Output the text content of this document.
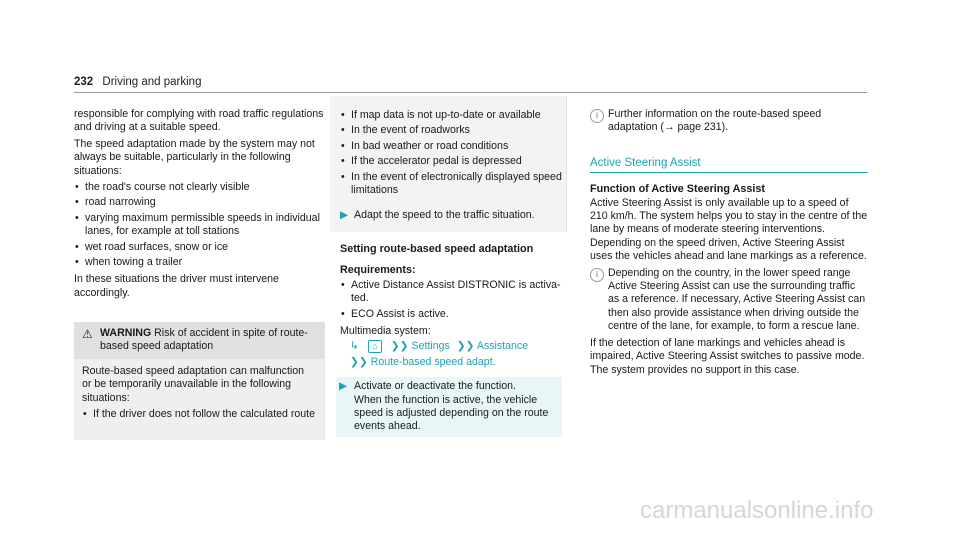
232 Driving and parking

responsible for complying with road traffic regulations and driving at a suitable speed.

The speed adaptation made by the system may not always be suitable, particularly in the following situations:

• the road's course not clearly visible
• road narrowing
• varying maximum permissible speeds in individual lanes, for example at toll stations
• wet road surfaces, snow or ice
• when towing a trailer

In these situations the driver must intervene accordingly.

⚠ WARNING Risk of accident in spite of route-based speed adaptation
Route-based speed adaptation can malfunction or be temporarily unavailable in the following situations:
• If the driver does not follow the calculated route
• If map data is not up-to-date or available
• In the event of roadworks
• In bad weather or road conditions
• If the accelerator pedal is depressed
• In the event of electronically displayed speed limitations
▶ Adapt the speed to the traffic situation.
Setting route-based speed adaptation
Requirements:
• Active Distance Assist DISTRONIC is activated.
• ECO Assist is active.
Multimedia system:
↳ ⌂ ❯❯ Settings ❯❯ Assistance
❯❯ Route-based speed adapt.
▶ Activate or deactivate the function.
When the function is active, the vehicle speed is adjusted depending on the route events ahead.
i Further information on the route-based speed adaptation (→ page 231).
Active Steering Assist
Function of Active Steering Assist

Active Steering Assist is only available up to a speed of 210 km/h. The system helps you to stay in the centre of the lane by means of moderate steering interventions. Depending on the speed driven, Active Steering Assist uses the vehicles ahead and lane markings as a reference.

i Depending on the country, in the lower speed range Active Steering Assist can use the surrounding traffic as a reference. If necessary, Active Steering Assist can then also provide assistance when driving outside the centre of the lane, for example, to form a rescue lane.

If the detection of lane markings and vehicles ahead is impaired, Active Steering Assist switches to passive mode. The system provides no support in this case.

carmanualsonline.info
